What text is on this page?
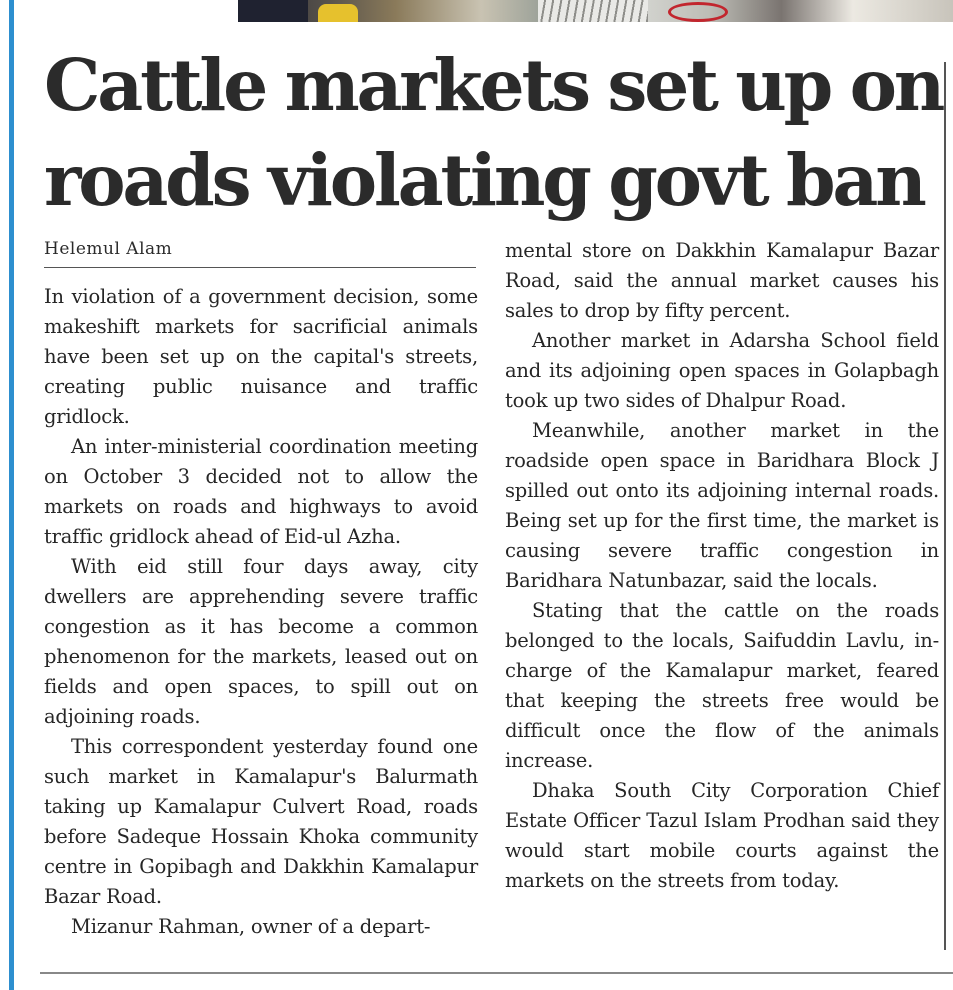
Cattle markets set up on
roads violating govt ban
Helemul Alam

In violation of a government decision, some makeshift markets for sacrificial animals have been set up on the capital's streets, creating public nuisance and traffic gridlock.

An inter-ministerial coordination meeting on October 3 decided not to allow the markets on roads and highways to avoid traffic gridlock ahead of Eid-ul Azha.

With eid still four days away, city dwellers are apprehending severe traffic congestion as it has become a common phenomenon for the markets, leased out on fields and open spaces, to spill out on adjoining roads.

This correspondent yesterday found one such market in Kamalapur's Balurmath taking up Kamalapur Culvert Road, roads before Sadeque Hossain Khoka community centre in Gopibagh and Dakkhin Kamalapur Bazar Road.

Mizanur Rahman, owner of a depart-

mental store on Dakkhin Kamalapur Bazar Road, said the annual market causes his sales to drop by fifty percent.

Another market in Adarsha School field and its adjoining open spaces in Golapbagh took up two sides of Dhalpur Road.

Meanwhile, another market in the roadside open space in Baridhara Block J spilled out onto its adjoining internal roads. Being set up for the first time, the market is causing severe traffic congestion in Baridhara Natunbazar, said the locals.

Stating that the cattle on the roads belonged to the locals, Saifuddin Lavlu, in-charge of the Kamalapur market, feared that keeping the streets free would be difficult once the flow of the animals increase.

Dhaka South City Corporation Chief Estate Officer Tazul Islam Prodhan said they would start mobile courts against the markets on the streets from today.
